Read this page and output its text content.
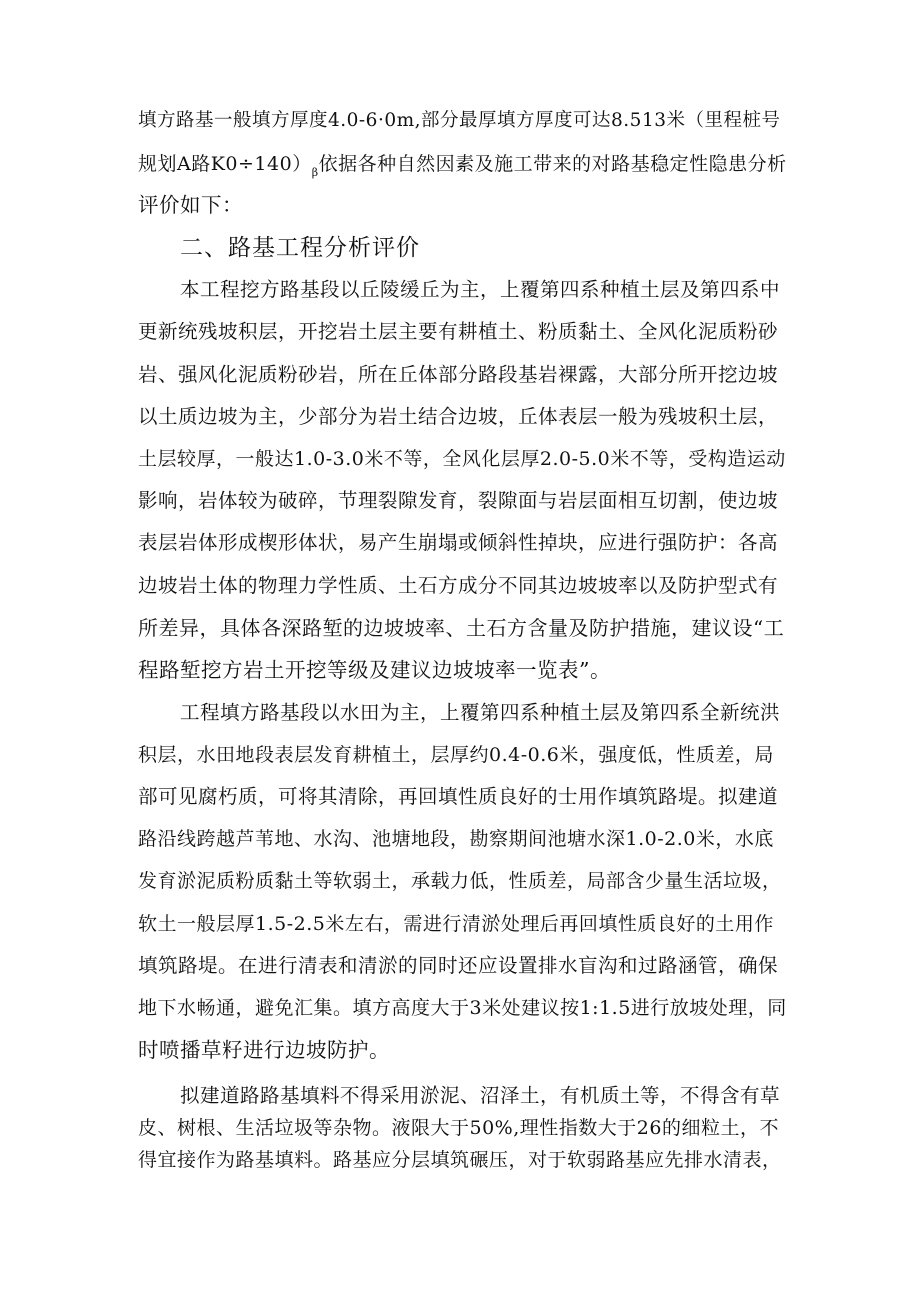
填方路基一般填方厚度4.0-6·0m,部分最厚填方厚度可达8.513米（里程桩号
规划A路$K0\div 140)_\beta$依据各种自然因素及施工带来的对路基稳定性隐患分析
评价如下：
二、路基工程分析评价
本工程挖方路基段以丘陵缓丘为主，上覆第四系种植土层及第四系中
更新统残坡积层，开挖岩土层主要有耕植土、粉质黏土、全风化泥质粉砂
岩、强风化泥质粉砂岩，所在丘体部分路段基岩裸露，大部分所开挖边坡
以土质边坡为主，少部分为岩土结合边坡，丘体表层一般为残坡积土层，
土层较厚，一般达1.0-3.0米不等，全风化层厚2.0-5.0米不等，受构造运动
影响，岩体较为破碎，节理裂隙发育，裂隙面与岩层面相互切割，使边坡
表层岩体形成楔形体状，易产生崩塌或倾斜性掉块，应进行强防护：各高
边坡岩土体的物理力学性质、土石方成分不同其边坡坡率以及防护型式有
所差异，具体各深路堑的边坡坡率、土石方含量及防护措施，建议设“工
程路堑挖方岩土开挖等级及建议边坡坡率一览表”。
工程填方路基段以水田为主，上覆第四系种植土层及第四系全新统洪
积层，水田地段表层发育耕植土，层厚约0.4-0.6米，强度低，性质差，局
部可见腐朽质，可将其清除，再回填性质良好的士用作填筑路堤。拟建道
路沿线跨越芦苇地、水沟、池塘地段，勘察期间池塘水深1.0-2.0米，水底
发育淤泥质粉质黏土等软弱土，承载力低，性质差，局部含少量生活垃圾，
软土一般层厚1.5-2.5米左右，需进行清淤处理后再回填性质良好的土用作
填筑路堤。在进行清表和清淤的同时还应设置排水盲沟和过路涵管，确保
地下水畅通，避免汇集。填方高度大于3米处建议按1:1.5进行放坡处理，同
时喷播草籽进行边坡防护。
拟建道路路基填料不得采用淤泥、沼泽土，有机质土等，不得含有草
皮、树根、生活垃圾等杂物。液限大于50%,理性指数大于26的细粒土，不
得宜接作为路基填料。路基应分层填筑碾压，对于软弱路基应先排水清表，
